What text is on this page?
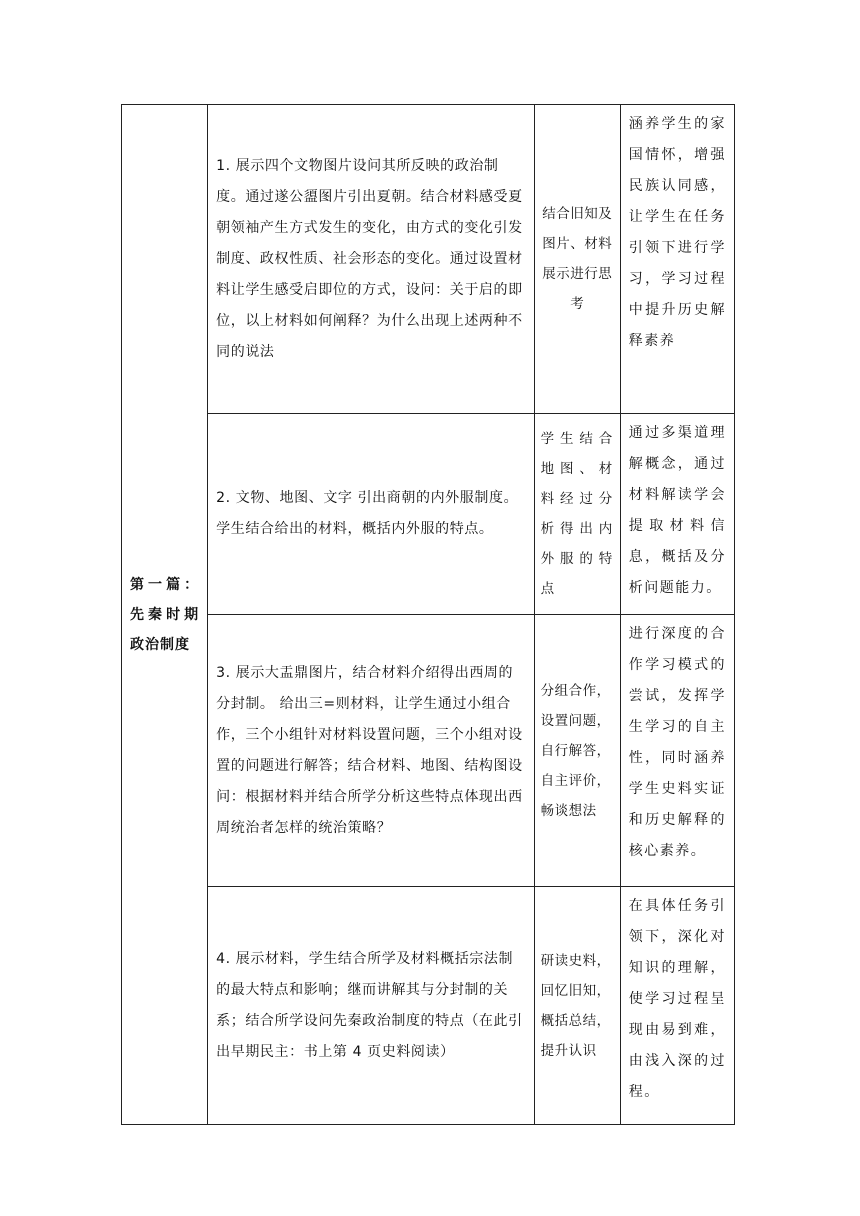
第一篇：先秦时期政治制度	1. 展示四个文物图片设问其所反映的政治制度。通过遂公盨图片引出夏朝。结合材料感受夏朝领袖产生方式发生的变化，由方式的变化引发制度、政权性质、社会形态的变化。通过设置材料让学生感受启即位的方式，设问：关于启的即位，以上材料如何阐释？为什么出现上述两种不同的说法	结合旧知及图片、材料展示进行思考	涵养学生的家国情怀，增强民族认同感，让学生在任务引领下进行学习，学习过程中提升历史解释素养
	2. 文物、地图、文字 引出商朝的内外服制度。学生结合给出的材料，概括内外服的特点。	学生结合地图、材料经过分析得出内外服的特点	通过多渠道理解概念，通过材料解读学会提取材料信息，概括及分析问题能力。
	3. 展示大盂鼎图片，结合材料介绍得出西周的分封制。 给出三=则材料，让学生通过小组合作，三个小组针对材料设置问题，三个小组对设置的问题进行解答；结合材料、地图、结构图设问：根据材料并结合所学分析这些特点体现出西周统治者怎样的统治策略？	分组合作，设置问题，自行解答，自主评价，畅谈想法	进行深度的合作学习模式的尝试，发挥学生学习的自主性，同时涵养学生史料实证和历史解释的核心素养。
	4. 展示材料，学生结合所学及材料概括宗法制的最大特点和影响；继而讲解其与分封制的关系；结合所学设问先秦政治制度的特点（在此引出早期民主：书上第 4 页史料阅读）	研读史料，回忆旧知，概括总结，提升认识	在具体任务引领下，深化对知识的理解，使学习过程呈现由易到难，由浅入深的过程。
